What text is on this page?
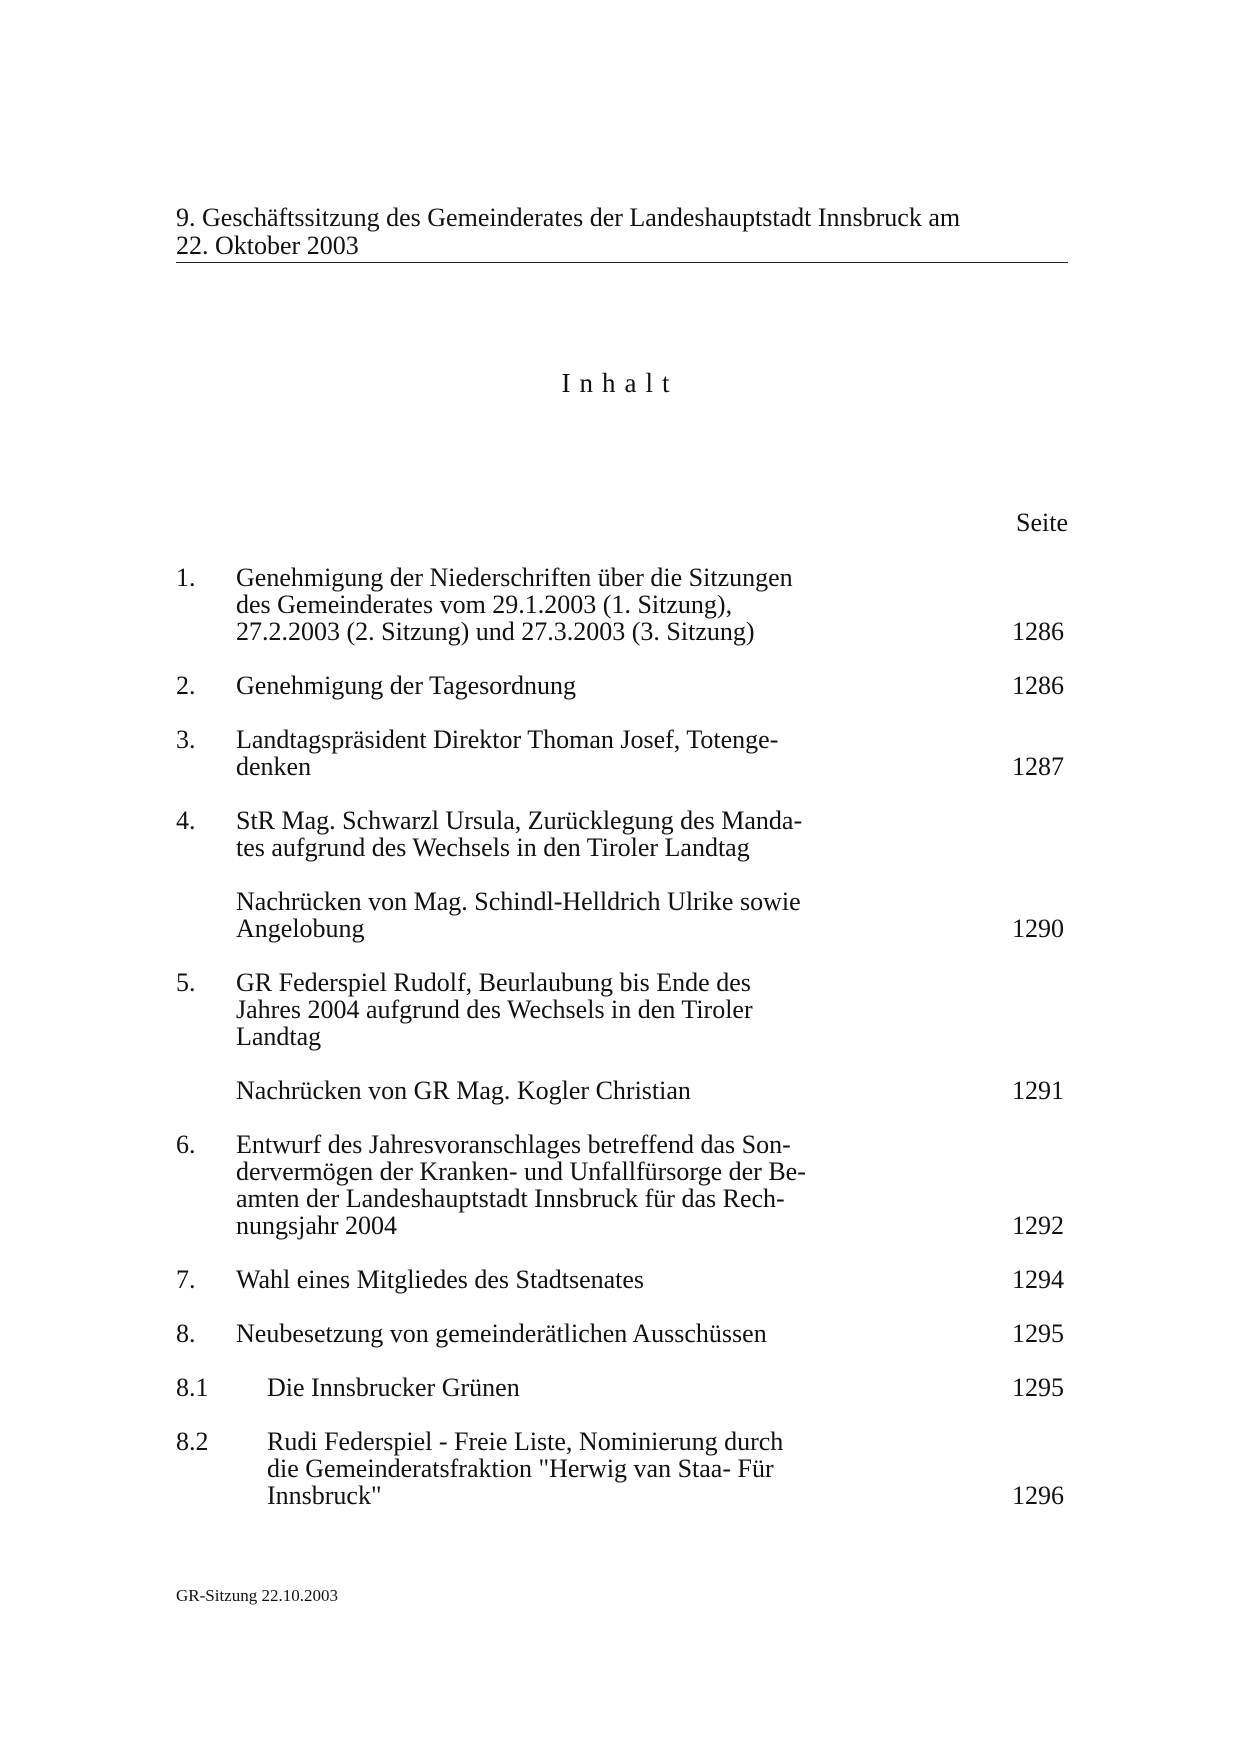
9. Geschäftssitzung des Gemeinderates der Landeshauptstadt Innsbruck am
22. Oktober 2003
Inhalt
Seite
1. Genehmigung der Niederschriften über die Sitzungen
des Gemeinderates vom 29.1.2003 (1. Sitzung),
27.2.2003 (2. Sitzung) und 27.3.2003 (3. Sitzung)	1286
2. Genehmigung der Tagesordnung	1286
3. Landtagspräsident Direktor Thoman Josef, Totenge-
denken	1287
4. StR Mag. Schwarzl Ursula, Zurücklegung des Manda-
tes aufgrund des Wechsels in den Tiroler Landtag
Nachrücken von Mag. Schindl-Helldrich Ulrike sowie
Angelobung	1290
5. GR Federspiel Rudolf, Beurlaubung bis Ende des
Jahres 2004 aufgrund des Wechsels in den Tiroler
Landtag
Nachrücken von GR Mag. Kogler Christian	1291
6. Entwurf des Jahresvoranschlages betreffend das Son-
dervermögen der Kranken- und Unfallfürsorge der Be-
amten der Landeshauptstadt Innsbruck für das Rech-
nungsjahr 2004	1292
7. Wahl eines Mitgliedes des Stadtsenates	1294
8. Neubesetzung von gemeinderätlichen Ausschüssen	1295
8.1 Die Innsbrucker Grünen	1295
8.2 Rudi Federspiel - Freie Liste, Nominierung durch
die Gemeinderatsfraktion "Herwig van Staa- Für
Innsbruck"	1296
GR-Sitzung 22.10.2003
